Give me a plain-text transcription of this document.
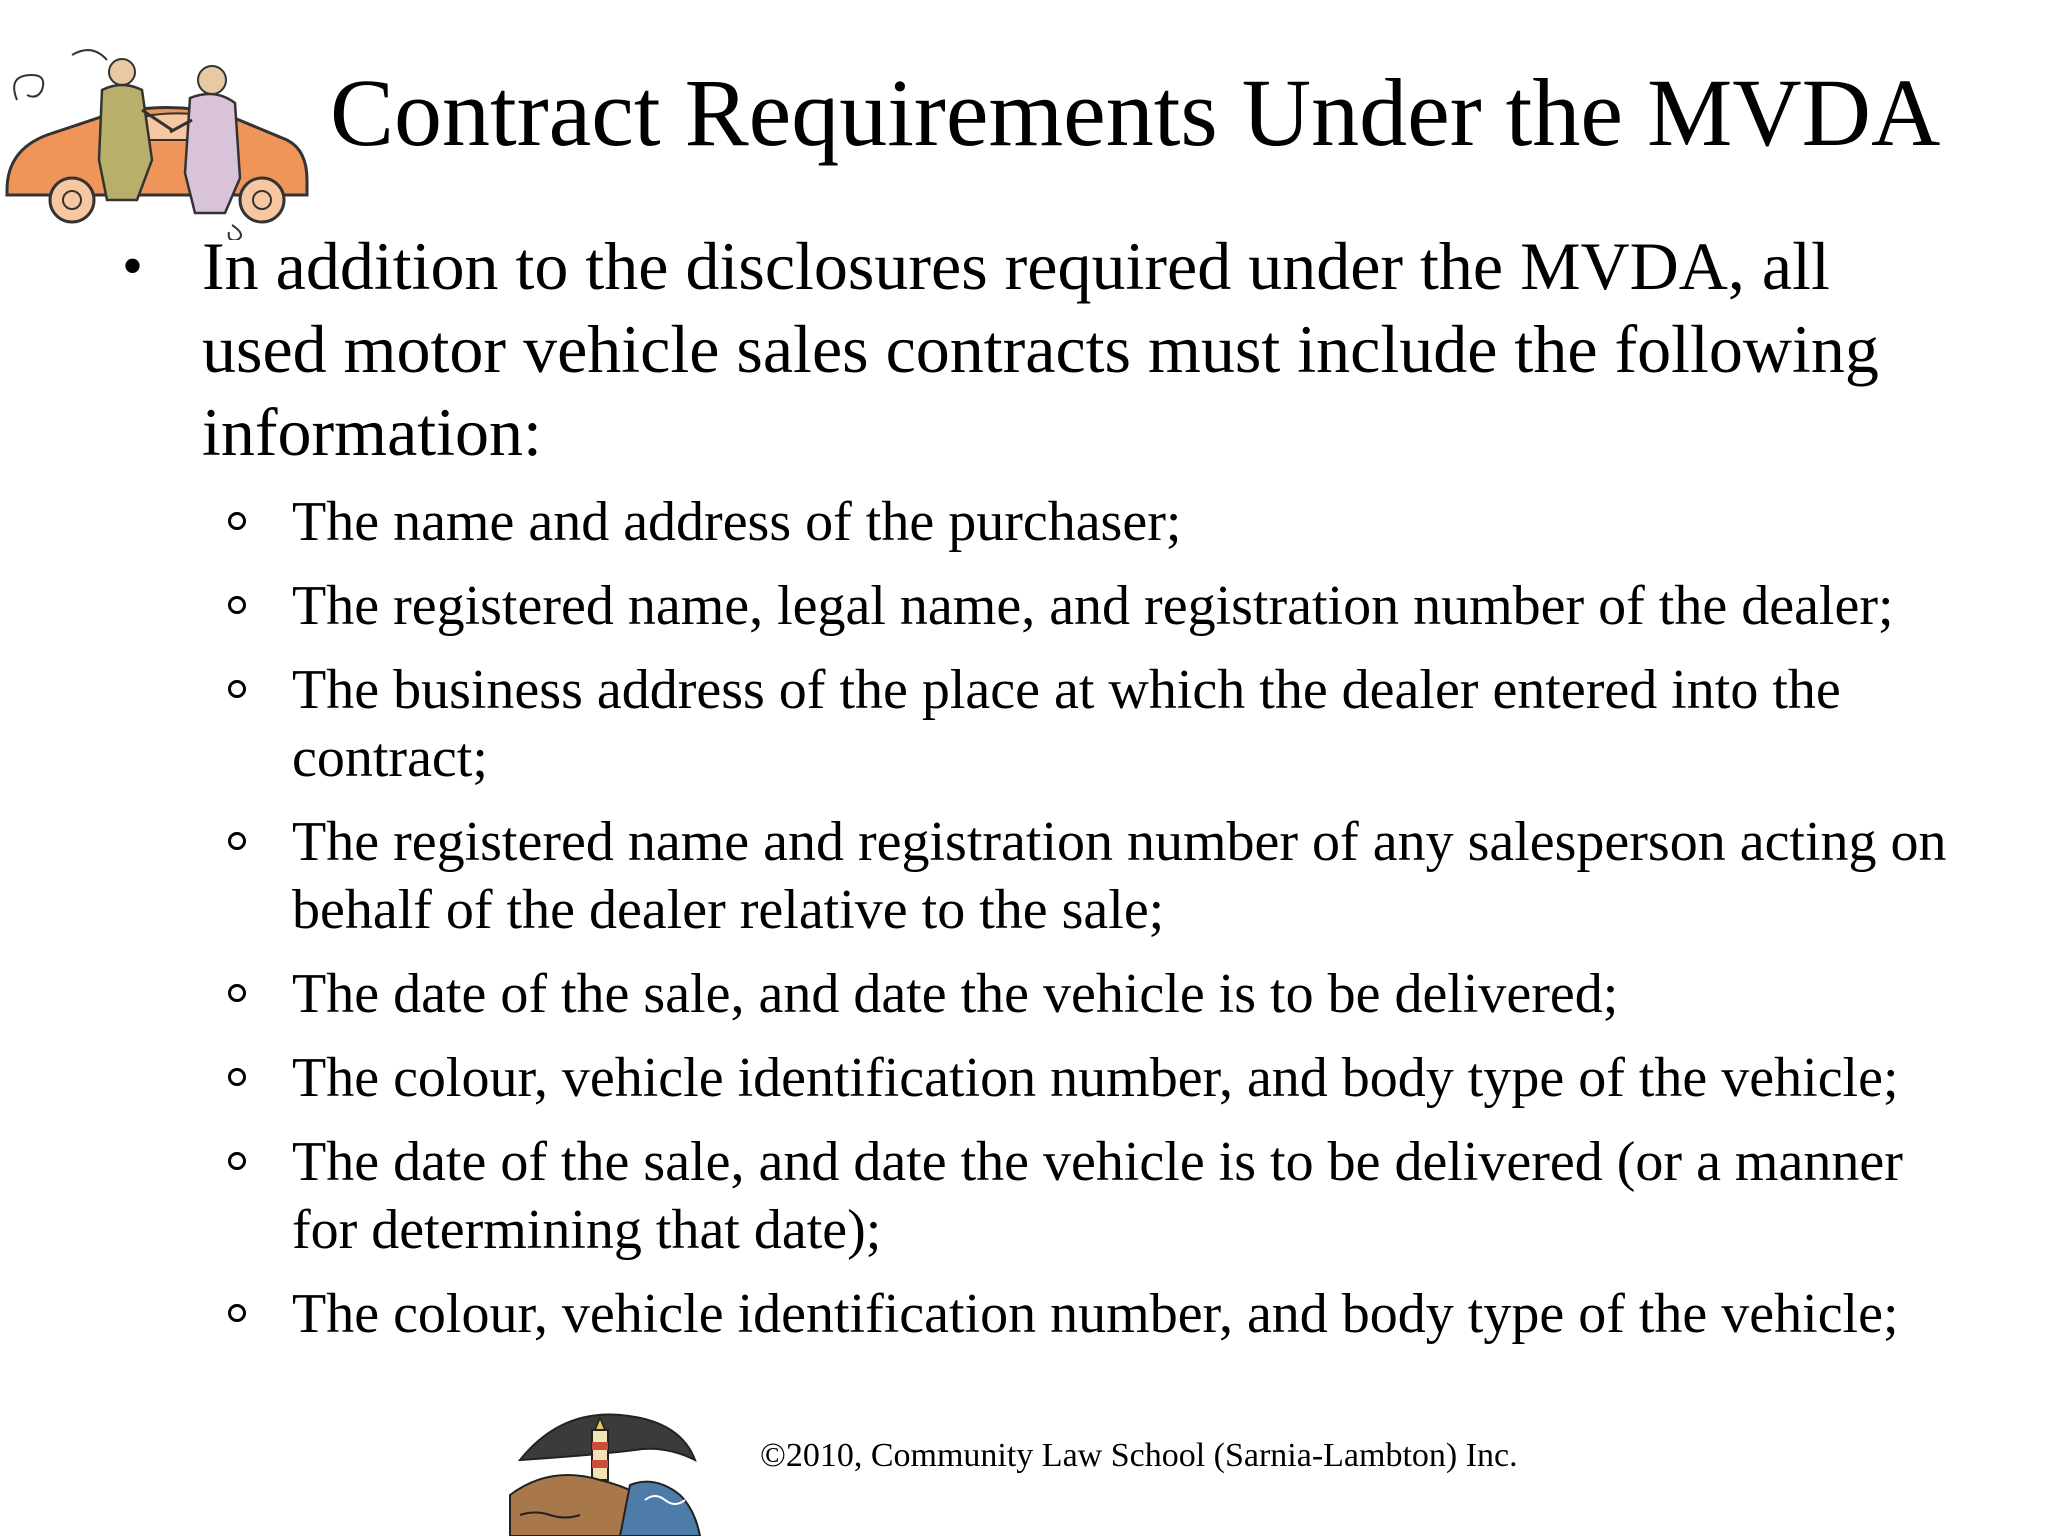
Contract Requirements Under the MVDA
• In addition to the disclosures required under the MVDA, all used motor vehicle sales contracts must include the following information:
The name and address of the purchaser;
The registered name, legal name, and registration number of the dealer;
The business address of the place at which the dealer entered into the contract;
The registered name and registration number of any salesperson acting on behalf of the dealer relative to the sale;
The date of the sale, and date the vehicle is to be delivered;
The colour, vehicle identification number, and body type of the vehicle;
The date of the sale, and date the vehicle is to be delivered (or a manner for determining that date);
The colour, vehicle identification number, and body type of the vehicle;
©2010, Community Law School (Sarnia-Lambton) Inc.
